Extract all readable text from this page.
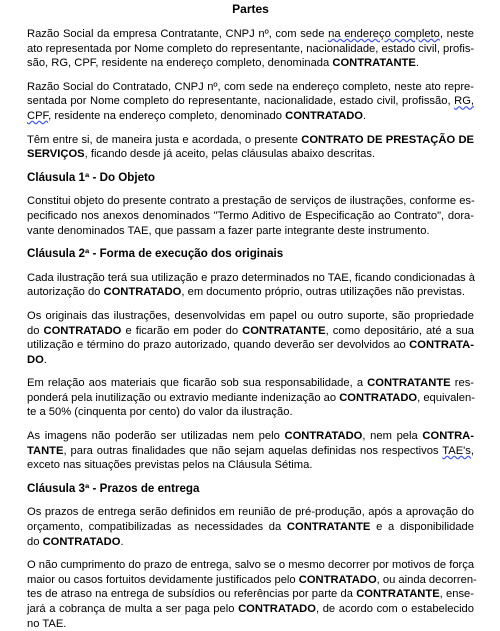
Partes

Razão Social da empresa Contratante, CNPJ nº, com sede na endereço completo, neste
ato representada por Nome completo do representante, nacionalidade, estado civil, profis-
são, RG, CPF, residente na endereço completo, denominada CONTRATANTE.

Razão Social do Contratado, CNPJ nº, com sede na endereço completo, neste ato repre-
sentada por Nome completo do representante, nacionalidade, estado civil, profissão, RG,
CPF, residente na endereço completo, denominado CONTRATADO.

Têm entre si, de maneira justa e acordada, o presente CONTRATO DE PRESTAÇÃO DE
SERVIÇOS, ficando desde já aceito, pelas cláusulas abaixo descritas.

Cláusula 1ª - Do Objeto

Constitui objeto do presente contrato a prestação de serviços de ilustrações, conforme es-
pecificado nos anexos denominados "Termo Aditivo de Especificação ao Contrato", dora-
vante denominados TAE, que passam a fazer parte integrante deste instrumento.

Cláusula 2ª - Forma de execução dos originais

Cada ilustração terá sua utilização e prazo determinados no TAE, ficando condicionadas à
autorização do CONTRATADO, em documento próprio, outras utilizações não previstas.

Os originais das ilustrações, desenvolvidas em papel ou outro suporte, são propriedade
do CONTRATADO e ficarão em poder do CONTRATANTE, como depositário, até a sua
utilização e término do prazo autorizado, quando deverão ser devolvidos ao CONTRATA-
DO.

Em relação aos materiais que ficarão sob sua responsabilidade, a CONTRATANTE res-
ponderá pela inutilização ou extravio mediante indenização ao CONTRATADO, equivalen-
te a 50% (cinquenta por cento) do valor da ilustração.

As imagens não poderão ser utilizadas nem pelo CONTRATADO, nem pela CONTRA-
TANTE, para outras finalidades que não sejam aquelas definidas nos respectivos TAE's,
exceto nas situações previstas pelos na Cláusula Sétima.

Cláusula 3ª - Prazos de entrega

Os prazos de entrega serão definidos em reunião de pré-produção, após a aprovação do
orçamento, compatibilizadas as necessidades da CONTRATANTE e a disponibilidade
do CONTRATADO.

O não cumprimento do prazo de entrega, salvo se o mesmo decorrer por motivos de força
maior ou casos fortuitos devidamente justificados pelo CONTRATADO, ou ainda decorren-
tes de atraso na entrega de subsídios ou referências por parte da CONTRATANTE, ense-
jará a cobrança de multa a ser paga pelo CONTRATADO, de acordo com o estabelecido
no TAE.
